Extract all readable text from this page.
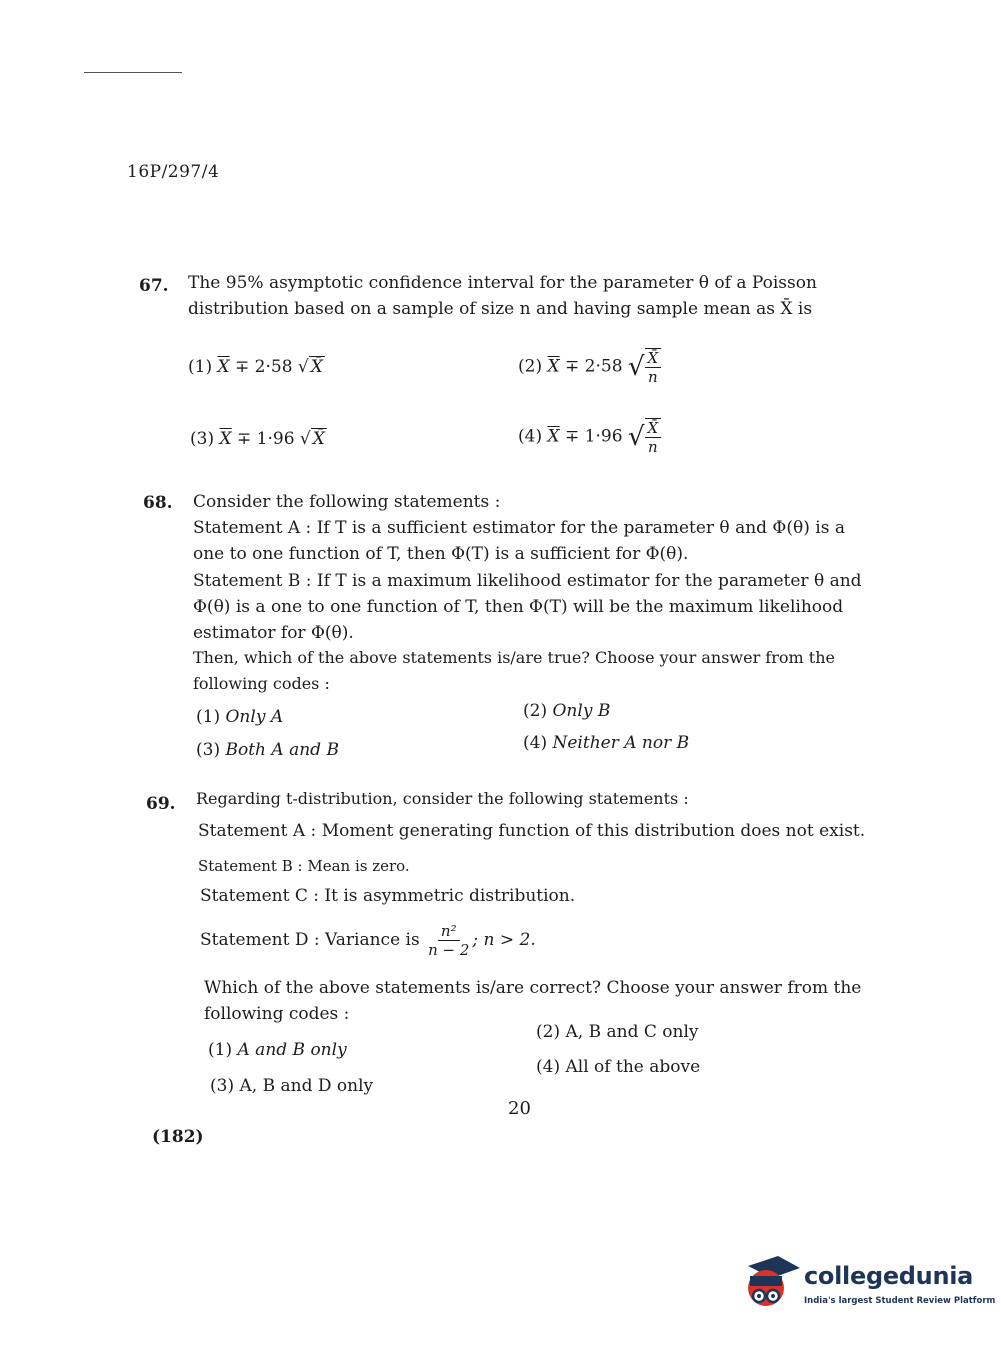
16P/297/4
67. The 95% asymptotic confidence interval for the parameter θ of a Poisson distribution based on a sample of size n and having sample mean as X̄ is
(1) $\overline{X} \mp 2\cdot 58$ √ X̄	(2) $\overline{X} \mp 2\cdot 58$ √ $\frac{X̄}{n}$
(3) $\overline{X} \mp 1\cdot 96$ √ X̄	(4) $\overline{X} \mp 1\cdot 96$ √ $\frac{X̄}{n}$
68. Consider the following statements :
Statement A : If T is a sufficient estimator for the parameter θ and Φ(θ) is a one to one function of T, then Φ(T) is a sufficient for Φ(θ).
Statement B : If T is a maximum likelihood estimator for the parameter θ and Φ(θ) is a one to one function of T, then Φ(T) will be the maximum likelihood estimator for Φ(θ).
Then, which of the above statements is/are true? Choose your answer from the following codes :
(1) Only A	(2) Only B
(3) Both A and B	(4) Neither A nor B
69. Regarding t-distribution, consider the following statements :
Statement A : Moment generating function of this distribution does not exist.
Statement B : Mean is zero.
Statement C : It is asymmetric distribution.
Statement D : Variance is $\frac{\text{n²}}{n - 2}$ ; n > 2.
Which of the above statements is/are correct? Choose your answer from the following codes :
(1) A and B only
(2) A, B and C only
(3) A, B and D only
(4) All of the above
20
(182)
collegedunia
India's largest Student Review Platform
